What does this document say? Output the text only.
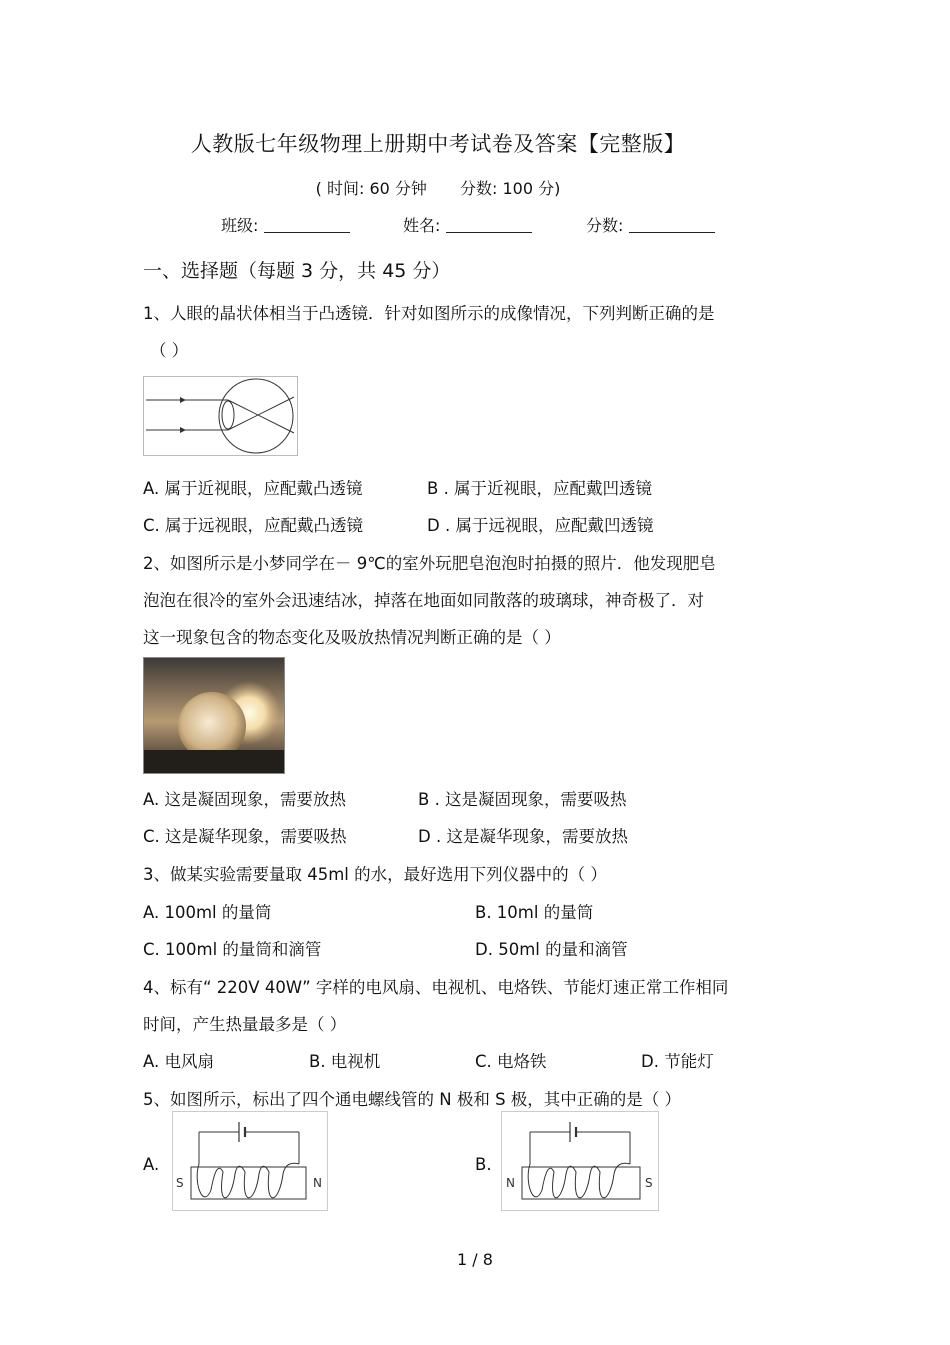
人教版七年级物理上册期中考试卷及答案【完整版】
( 时间: 60 分钟 分数: 100 分)
班级:	姓名:	分数:
一、选择题（每题 3 分，共 45 分）
1、人眼的晶状体相当于凸透镜．针对如图所示的成像情况，下列判断正确的是
（ ）
A. 属于近视眼，应配戴凸透镜	B . 属于近视眼，应配戴凹透镜
C. 属于远视眼，应配戴凸透镜	D . 属于远视眼，应配戴凹透镜
2、如图所示是小梦同学在－ 9℃的室外玩肥皂泡泡时拍摄的照片．他发现肥皂
泡泡在很冷的室外会迅速结冰，掉落在地面如同散落的玻璃球，神奇极了．对
这一现象包含的物态变化及吸放热情况判断正确的是（ ）
A. 这是凝固现象，需要放热	B . 这是凝固现象，需要吸热
C. 这是凝华现象，需要吸热	D . 这是凝华现象，需要放热
3、做某实验需要量取 45ml 的水，最好选用下列仪器中的（ ）
A. 100ml 的量筒	B. 10ml 的量筒
C. 100ml 的量筒和滴管	D. 50ml 的量和滴管
4、标有“ 220V 40W” 字样的电风扇、电视机、电烙铁、节能灯速正常工作相同
时间，产生热量最多是（ ）
A. 电风扇	B. 电视机	C. 电烙铁	D. 节能灯
5、如图所示，标出了四个通电螺线管的 N 极和 S 极，其中正确的是（ ）
A.
S	N
B.
N	S
1 / 8
